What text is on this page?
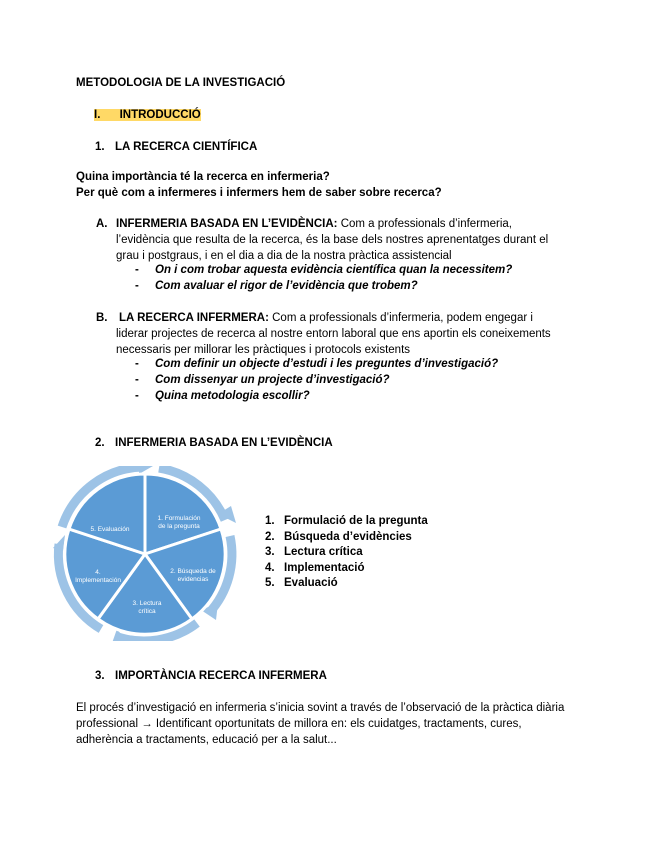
METODOLOGIA DE LA INVESTIGACIÓ
I. INTRODUCCIÓ
1. LA RECERCA CIENTÍFICA
Quina importància té la recerca en infermeria?
Per què com a infermeres i infermers hem de saber sobre recerca?
A. INFERMERIA BASADA EN L’EVIDÈNCIA: Com a professionals d’infermeria,
l’evidència que resulta de la recerca, és la base dels nostres aprenentatges durant el
grau i postgraus, i en el dia a dia de la nostra pràctica assistencial
- On i com trobar aquesta evidència científica quan la necessitem?
- Com avaluar el rigor de l’evidència que trobem?
B. LA RECERCA INFERMERA: Com a professionals d’infermeria, podem engegar i
liderar projectes de recerca al nostre entorn laboral que ens aportin els coneixements
necessaris per millorar les pràctiques i protocols existents
- Com definir un objecte d’estudi i les preguntes d’investigació?
- Com dissenyar un projecte d’investigació?
- Quina metodologia escollir?
2. INFERMERIA BASADA EN L’EVIDÈNCIA
1. Formulación de la pregunta
2. Búsqueda de evidencias
3. Lectura crítica
4. Implementación
5. Evaluación
1. Formulació de la pregunta
2. Búsqueda d’evidències
3. Lectura crítica
4. Implementació
5. Evaluació
3. IMPORTÀNCIA RECERCA INFERMERA
El procés d’investigació en infermeria s’inicia sovint a través de l’observació de la pràctica diària
professional → Identificant oportunitats de millora en: els cuidatges, tractaments, cures,
adherència a tractaments, educació per a la salut...
